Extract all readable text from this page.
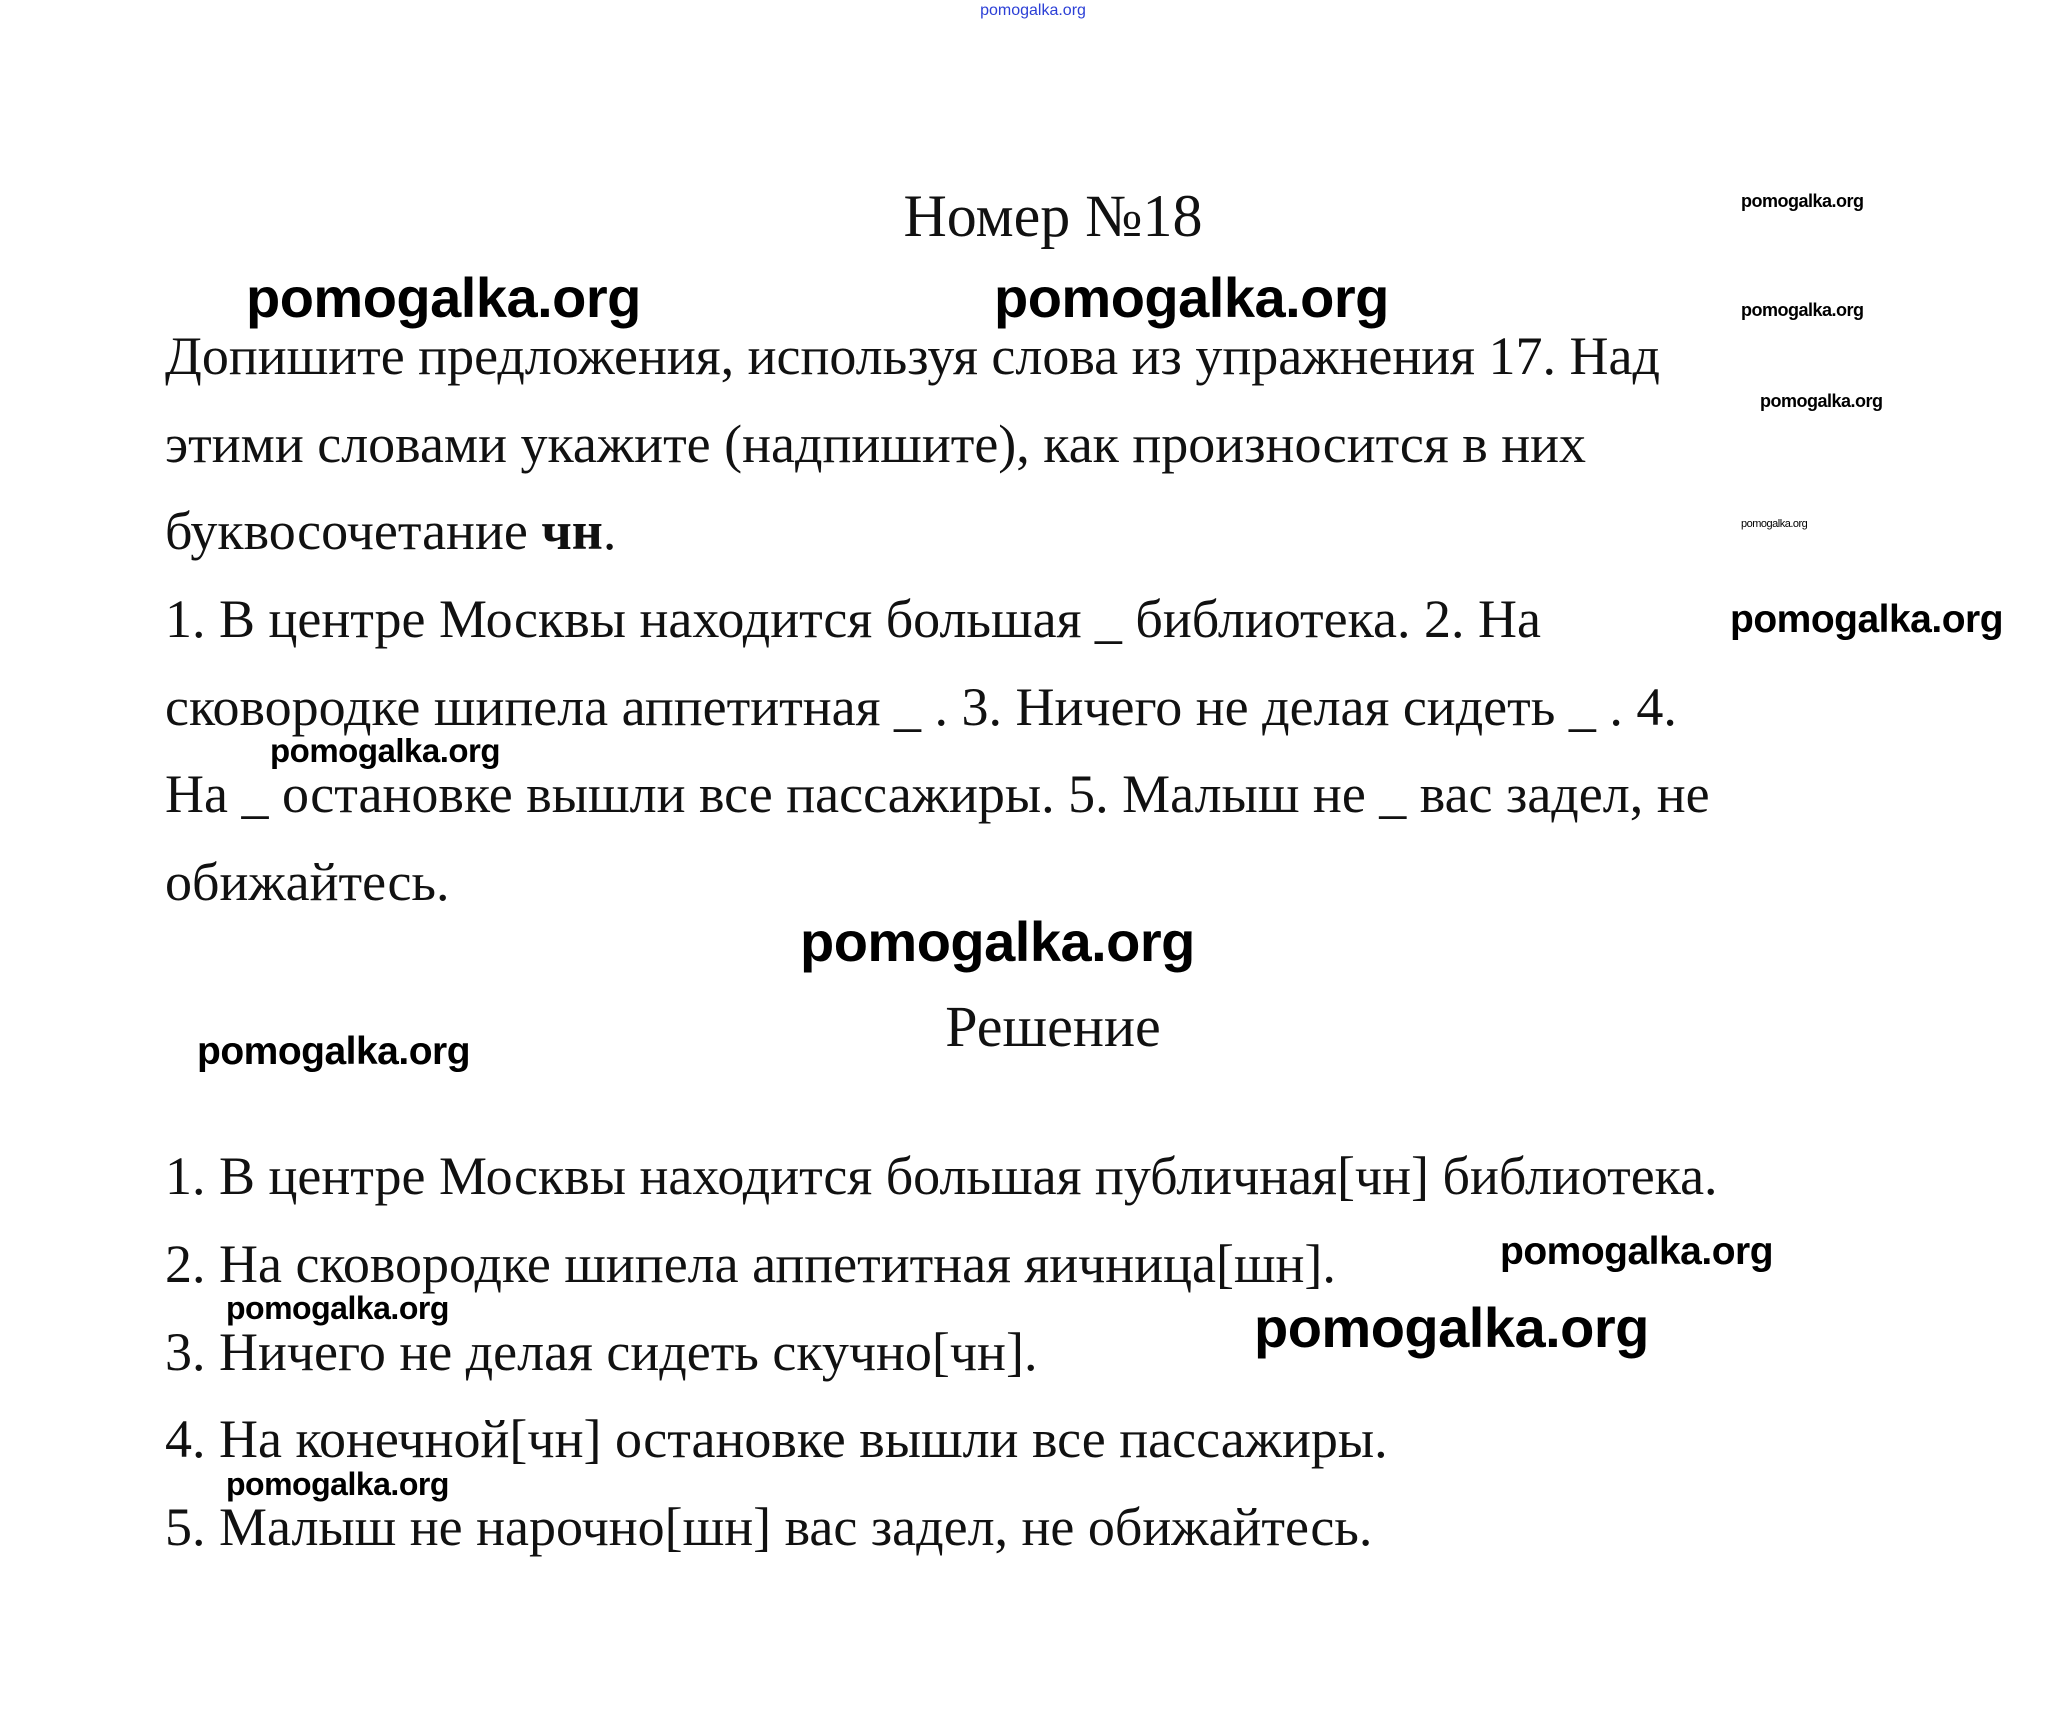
pomogalka.org
Номер №18
Допишите предложения, используя слова из упражнения 17. Над
этими словами укажите (надпишите), как произносится в них
буквосочетание чн.
1. В центре Москвы находится большая _ библиотека. 2. На
сковородке шипела аппетитная _ . 3. Ничего не делая сидеть _ . 4.
На _ остановке вышли все пассажиры. 5. Малыш не _ вас задел, не
обижайтесь.
Решение
1. В центре Москвы находится большая публичная[чн] библиотека.
2. На сковородке шипела аппетитная яичница[шн].
3. Ничего не делая сидеть скучно[чн].
4. На конечной[чн] остановке вышли все пассажиры.
5. Малыш не нарочно[шн] вас задел, не обижайтесь.
pomogalka.org	pomogalka.org
pomogalka.org
pomogalka.org
pomogalka.org
pomogalka.org
pomogalka.org
pomogalka.org
pomogalka.org
pomogalka.org
pomogalka.org
pomogalka.org
pomogalka.org
pomogalka.org
